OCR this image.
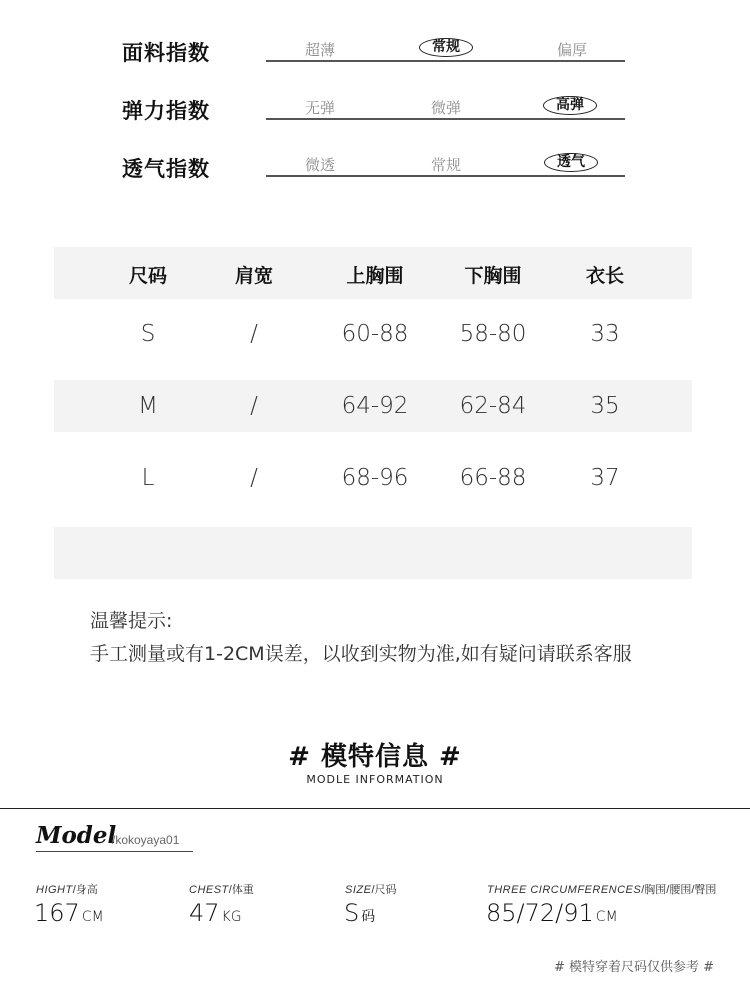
面料指数	超薄	常规	偏厚
弹力指数	无弹	微弹	高弹
透气指数	微透	常规	透气
尺码	肩宽	上胸围	下胸围	衣长
S	/	60-88 58-80	33
M	/	64-92 62-84	35
L	/	68-96 66-88	37
温馨提示:
手工测量或有1-2CM误差，以收到实物为准,如有疑问请联系客服
# 模特信息 #
MODLE INFORMATION
Model
/kokoyaya01
HIGHT/身高
167 CM
CHEST/体重
47 KG
SIZE/尺码
S码
THREE CIRCUMFERENCES/胸围/腰围/臀围
85/72/91 CM
# 模特穿着尺码仅供参考 #
